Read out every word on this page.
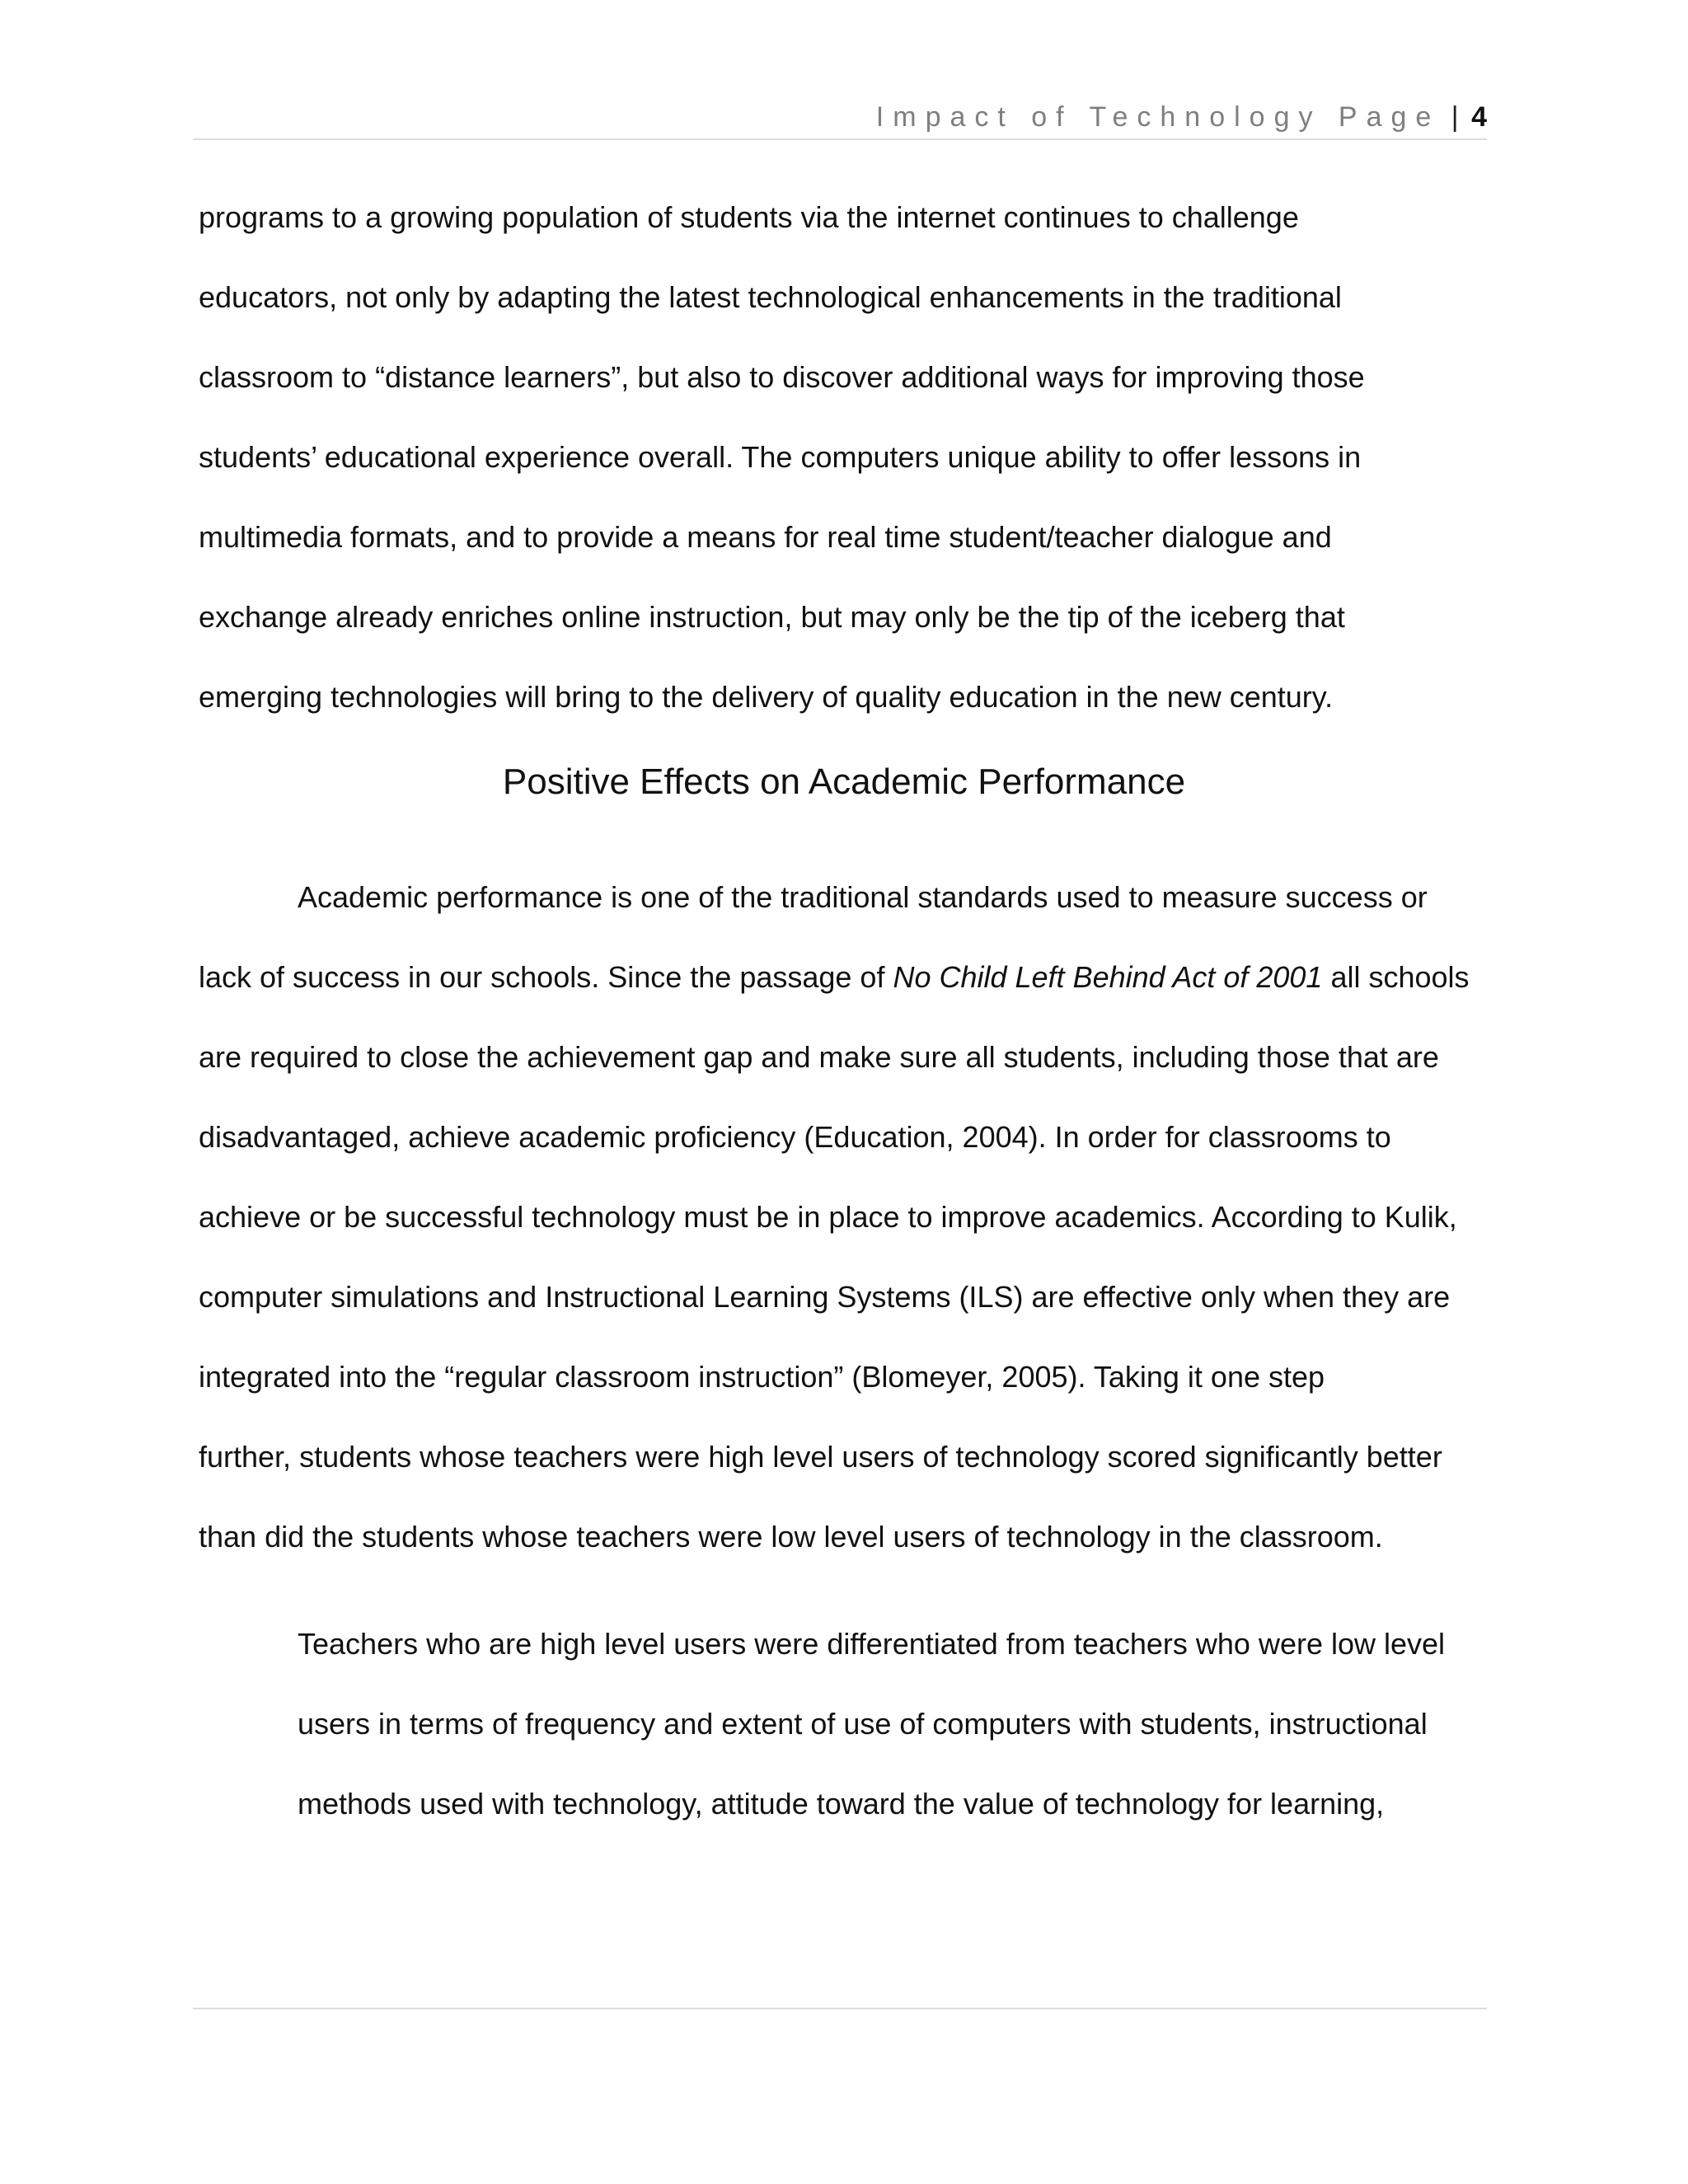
Impact of Technology Page | 4
programs to a growing population of students via the internet continues to challenge
educators, not only by adapting the latest technological enhancements in the traditional
classroom to “distance learners”, but also to discover additional ways for improving those
students’ educational experience overall. The computers unique ability to offer lessons in
multimedia formats, and to provide a means for real time student/teacher dialogue and
exchange already enriches online instruction, but may only be the tip of the iceberg that
emerging technologies will bring to the delivery of quality education in the new century.
Positive Effects on Academic Performance
Academic performance is one of the traditional standards used to measure success or
lack of success in our schools. Since the passage of No Child Left Behind Act of 2001 all schools
are required to close the achievement gap and make sure all students, including those that are
disadvantaged, achieve academic proficiency (Education, 2004). In order for classrooms to
achieve or be successful technology must be in place to improve academics. According to Kulik,
computer simulations and Instructional Learning Systems (ILS) are effective only when they are
integrated into the “regular classroom instruction” (Blomeyer, 2005). Taking it one step
further, students whose teachers were high level users of technology scored significantly better
than did the students whose teachers were low level users of technology in the classroom.
Teachers who are high level users were differentiated from teachers who were low level
users in terms of frequency and extent of use of computers with students, instructional
methods used with technology, attitude toward the value of technology for learning,
